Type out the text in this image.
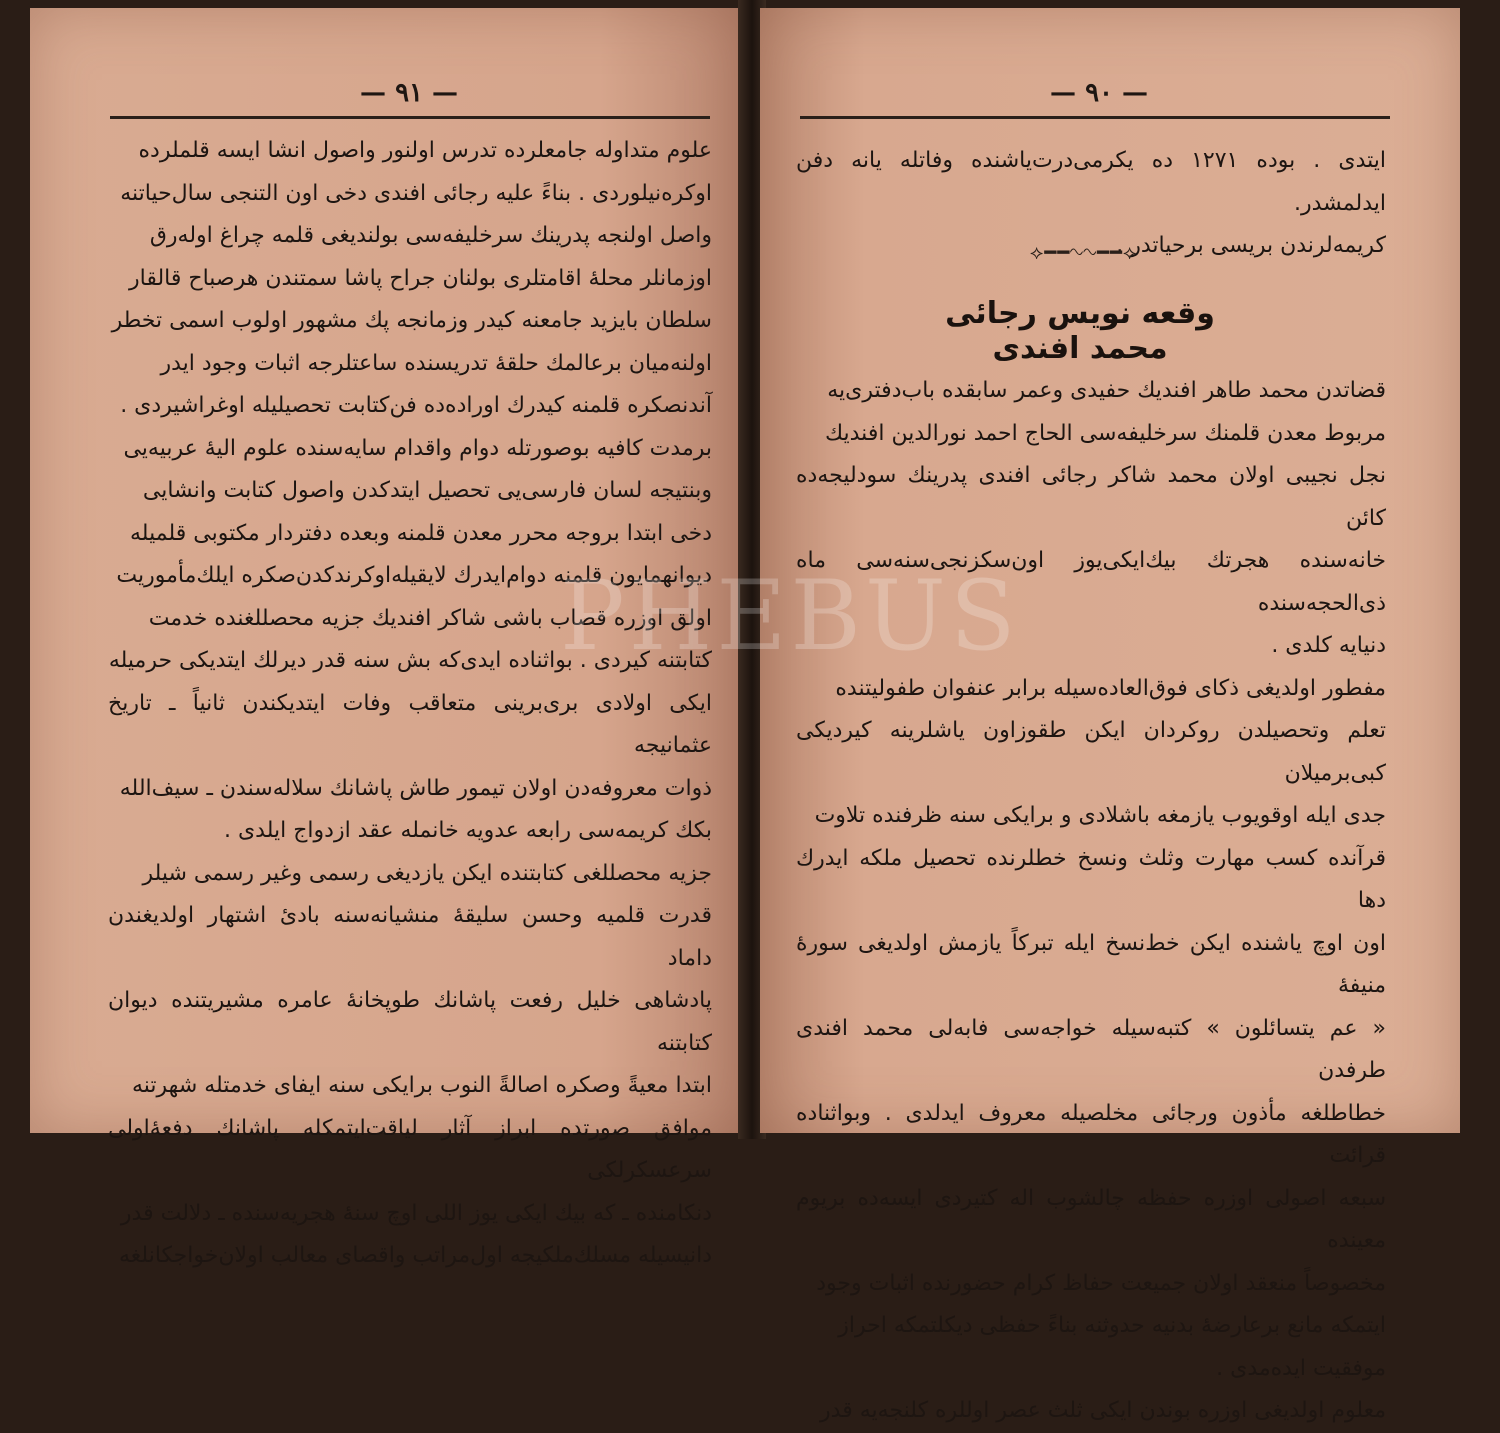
— ٩١ —

علوم متداوله جامعلرده تدرس اولنور واصول انشا ايسه قلملرده

اوكره‌نيلوردى . بناءً عليه رجائى افندى دخى اون التنجى سال‌حياتنه

واصل اولنجه پدرينك سرخليفه‌سى بولنديغى قلمه چراغ اوله‌رق

اوزمانلر محلهٔ اقامتلرى بولنان جراح پاشا سمتندن هرصباح قالقار

سلطان بايزيد جامعنه كيدر وزمانجه پك مشهور اولوب اسمى تخطر

اولنه‌ميان برعالمك حلقهٔ تدريسنده ساعتلرجه اثبات وجود ايدر

آندنصكره قلمنه كيدرك اورادەده فن‌كتابت تحصيليله اوغراشيردى .

برمدت كافيه بوصورتله دوام واقدام سايه‌سنده علوم اليهٔ عربيه‌يى

وبنتيجه لسان فارسى‌يى تحصيل ايتدكدن واصول كتابت وانشايى

دخى ابتدا بروجه محرر معدن قلمنه وبعده دفتردار مكتوبى قلميله

ديوانهمايون قلمنه دوام‌ايدرك لايقيله‌اوكرندكدن‌صكره ايلك‌مأموريت

اولق اوزره قصاب باشى شاكر افنديك جزيه محصللغنده خدمت

كتابتنه كيردى . بواثناده ايدى‌كه بش سنه قدر ديرلك ايتديكى حرميله

ايكى اولادى برى‌برينى متعاقب وفات ايتديكندن ثانياً ـ تاريخ عثمانيجه

ذوات معروفه‌دن اولان تيمور طاش پاشانك سلاله‌سندن ـ سيف‌الله

بكك كريمه‌سى رابعه عدويه خانمله عقد ازدواج ايلدى .

جزيه محصللغى كتابتنده ايكن يازديغى رسمى وغير رسمى شيلر

قدرت قلميه وحسن سليقهٔ منشيانه‌سنه بادئ اشتهار اولديغندن داماد

پادشاهى خليل رفعت پاشانك طوپخانهٔ عامره مشيريتنده ديوان كتابتنه

ابتدا معيةً وصكره اصالةً النوب برايكى سنه ايفاى خدمتله شهرتنه

موافق صورتده ابراز آثار لياقت‌ايتمكله پاشانك دفعهٔ‌اولى سرعسكرلكى

دنكامنده ـ كه بيك ايكى يوز اللى اوچ سنهٔ هجريه‌سنده ـ دلالت قدر

دانيسيله مسلك‌ملكيجه اول‌مراتب واقصاى معالب اولان‌خواجكانلغه

— ٩٠ —

ايتدى . بوده ١٢٧١ ده يكرمى‌درت‌ياشنده وفاتله يانه دفن ايدلمشدر.

كريمه‌لرندن بريسى برحياتدر .

⟡━━∿∿━━⟡
وقعه نويس رجائى محمد افندى

قضاتدن محمد طاهر افنديك حفيدى وعمر سابقده باب‌دفترى‌يه

مربوط معدن قلمنك سرخليفه‌سى الحاج احمد نورالدين افنديك

نجل نجيبى اولان محمد شاكر رجائى افندى پدرينك سودليجه‌ده كائن

خانه‌سنده هجرتك بيك‌ايكى‌يوز اون‌سكزنجى‌سنه‌سى ماه ذى‌الحجه‌سنده

دنيايه كلدى .

مفطور اولديغى ذكاى فوق‌العاده‌سيله برابر عنفوان طفوليتنده

تعلم وتحصيلدن روكردان ايكن طقوزاون ياشلرينه كيرديكى كبى‌برميلان

جدى ايله اوقويوب يازمغه باشلادى و برايكى سنه ظرفنده تلاوت

قرآنده كسب مهارت وثلث ونسخ خطلرنده تحصيل ملكه ايدرك دها

اون اوچ ياشنده ايكن خط‌نسخ ايله تبركاً يازمش اولديغى سورهٔ منيفهٔ

« عم يتسائلون » كتبه‌سيله خواجه‌سى فابه‌لى محمد افندى طرفدن

خطاطلغه مأذون ورجائى مخلصيله معروف ايدلدى . وبواثناده قرائت

سبعه اصولى اوزره حفظه چالشوب اله كتيردى ايسه‌ده بريوم معينده

مخصوصاً منعقد اولان جميعت حفاظ كرام حضورنده اثبات وجود

ايتمكه مانع برعارضهٔ بدنيه حدوثنه بناءً حفظى ديكلتمكه احراز

موفقيت ايده‌مدى .

معلوم اولديغى اوزره بوندن ايكى ثلث عصر اوللره كلنجه‌يه قدر

PHEBUS
